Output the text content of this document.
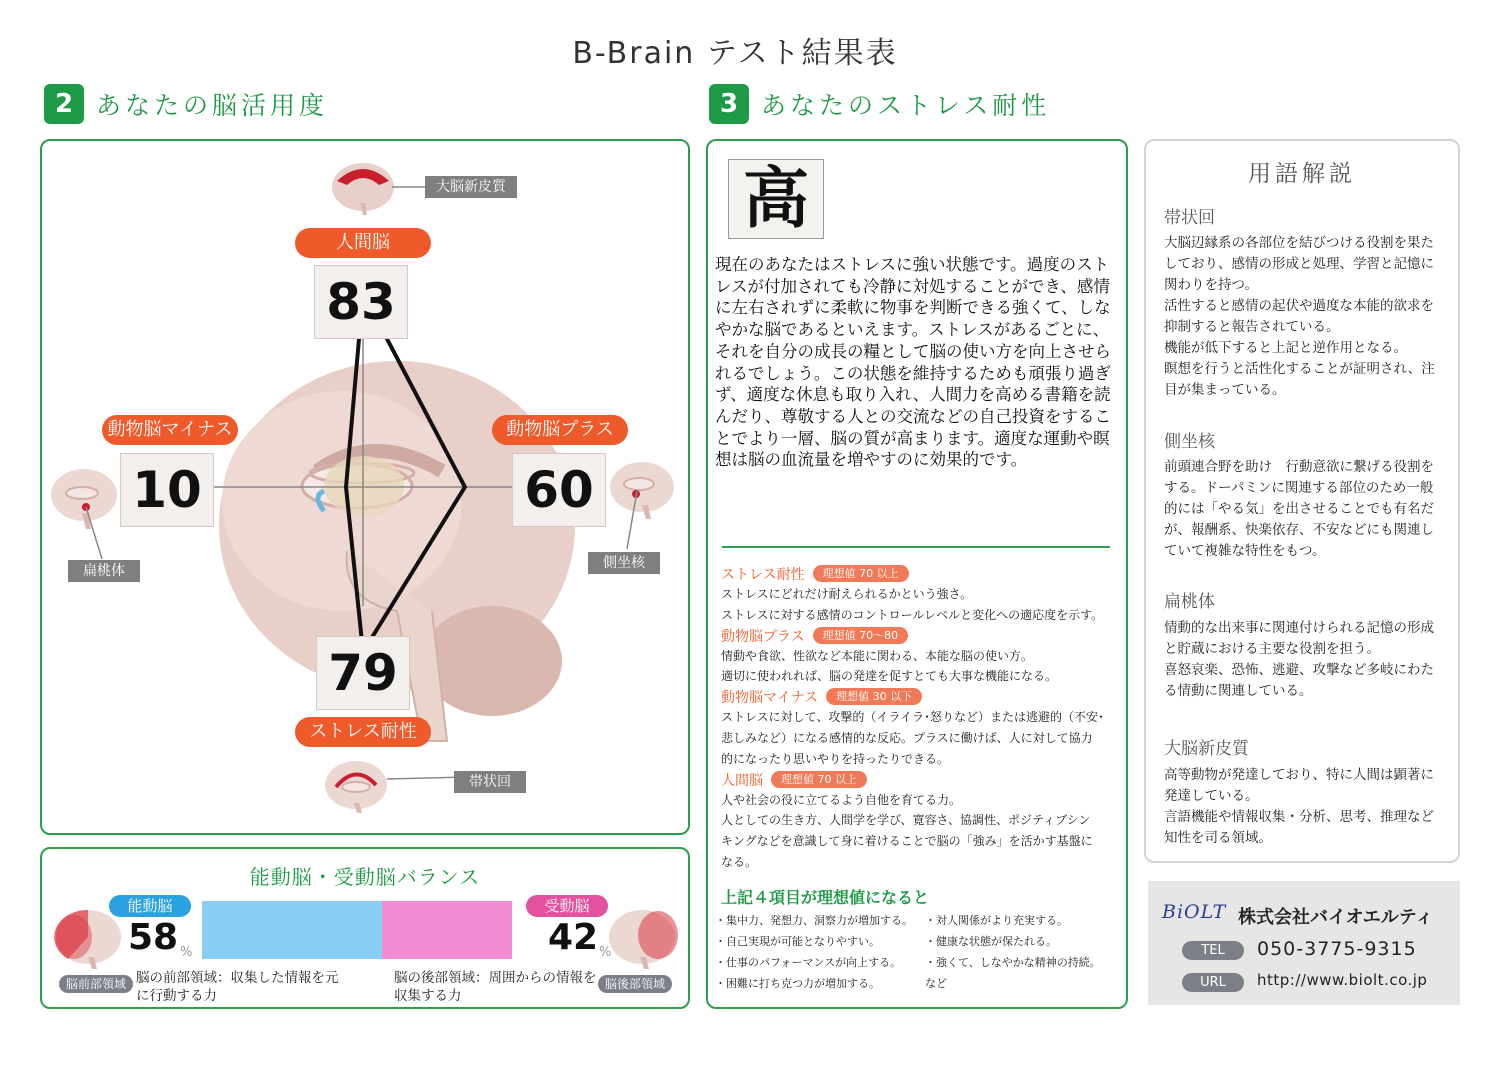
B-Brain テスト結果表
2 あなたの脳活用度	3 あなたのストレス耐性
大脳新皮質
人間脳
83
動物脳マイナス
10
動物脳プラス
60
79
ストレス耐性
扁桃体	側坐核
帯状回
能動脳・受動脳バランス
能動脳
58 %
脳前部領域 脳の前部領域：収集した情報を元に行動する力
受動脳
42 %
脳の後部領域：周囲からの情報を収集する力
脳後部領域
高
現在のあなたはストレスに強い状態です。過度のストレスが付加されても冷静に対処することができ、感情に左右されずに柔軟に物事を判断できる強くて、しなやかな脳であるといえます。ストレスがあるごとに、それを自分の成長の糧として脳の使い方を向上させられるでしょう。この状態を維持するためも頑張り過ぎず、適度な休息も取り入れ、人間力を高める書籍を読んだり、尊敬する人との交流などの自己投資をすることでより一層、脳の質が高まります。適度な運動や瞑想は脳の血流量を増やすのに効果的です。
ストレス耐性 理想値 70 以上
ストレスにどれだけ耐えられるかという強さ。
ストレスに対する感情のコントロールレベルと変化への適応度を示す。
動物脳プラス 理想値 70〜80
情動や食欲、性欲など本能に関わる、本能な脳の使い方。
適切に使われれば、脳の発達を促すとても大事な機能になる。
動物脳マイナス 理想値 30 以下
ストレスに対して、攻撃的（イライラ･怒りなど）または逃避的（不安･
悲しみなど）になる感情的な反応。プラスに働けば、人に対して協力
的になったり思いやりを持ったりできる。
人間脳 理想値 70 以上
人や社会の役に立てるよう自他を育てる力。
人としての生き方、人間学を学び、寛容さ、協調性、ポジティブシン
キングなどを意識して身に着けることで脳の「強み」を活かす基盤に
なる。
上記４項目が理想値になると
・集中力、発想力、洞察力が増加する。
・自己実現が可能となりやすい。
・仕事のパフォーマンスが向上する。
・困難に打ち克つ力が増加する。
・対人関係がより充実する。
・健康な状態が保たれる。
・強くて、しなやかな精神の持続。
など
用語解説
帯状回
大脳辺縁系の各部位を結びつける役割を果た
しており、感情の形成と処理、学習と記憶に
関わりを持つ。
活性すると感情の起伏や過度な本能的欲求を
抑制すると報告されている。
機能が低下すると上記と逆作用となる。
瞑想を行うと活性化することが証明され、注
目が集まっている。
側坐核
前頭連合野を助け　行動意欲に繋げる役割を
する。ドーパミンに関連する部位のため一般
的には「やる気」を出させることでも有名だ
が、報酬系、快楽依存、不安などにも関連し
ていて複雑な特性をもつ。
扁桃体
情動的な出来事に関連付けられる記憶の形成
と貯蔵における主要な役割を担う。
喜怒哀楽、恐怖、逃避、攻撃など多岐にわた
る情動に関連している。
大脳新皮質
高等動物が発達しており、特に人間は顕著に
発達している。
言語機能や情報収集・分析、思考、推理など
知性を司る領域。
BiOLT 株式会社バイオエルティ
TEL	050-3775-9315
URL	http://www.biolt.co.jp
